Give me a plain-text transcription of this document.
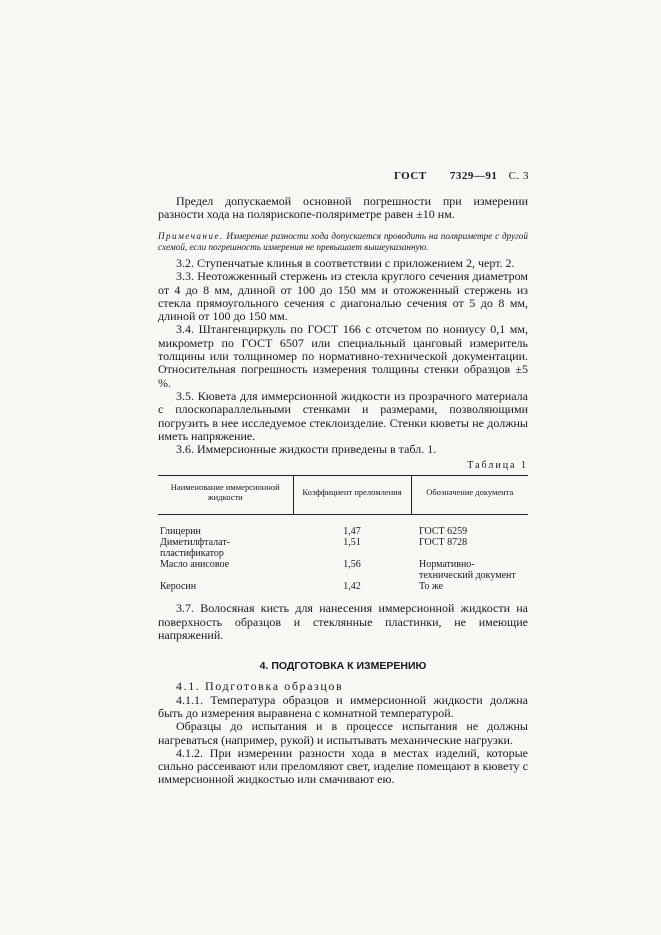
ГОСТ 7329—91 С. 3

Предел допускаемой основной погрешности при измерении разности хода на полярископе-поляриметре равен ±10 нм.

Примечание. Измерение разности хода допускается проводить на поляриметре с другой схемой, если погрешность измерения не превышает вышеуказанную.

3.2. Ступенчатые клинья в соответствии с приложением 2, черт. 2.

3.3. Неотожженный стержень из стекла круглого сечения диаметром от 4 до 8 мм, длиной от 100 до 150 мм и отожженный стержень из стекла прямоугольного сечения с диагональю сечения от 5 до 8 мм, длиной от 100 до 150 мм.

3.4. Штангенциркуль по ГОСТ 166 с отсчетом по нониусу 0,1 мм, микрометр по ГОСТ 6507 или специальный цанговый измеритель толщины или толщиномер по нормативно-технической документации. Относительная погрешность измерения толщины стенки образцов ±5 %.

3.5. Кювета для иммерсионной жидкости из прозрачного материала с плоскопараллельными стенками и размерами, позволяющими погрузить в нее исследуемое стеклоизделие. Стенки кюветы не должны иметь напряжение.

3.6. Иммерсионные жидкости приведены в табл. 1.

Таблица 1
Наименование иммерсионной жидкости	Коэффициент преломления	Обозначение документа
Глицерин	1,47	ГОСТ 6259
Диметилфталат-пластификатор	1,51	ГОСТ 8728
Масло анисовое	1,56	Нормативно-технический документ
Керосин	1,42	То же

3.7. Волосяная кисть для нанесения иммерсионной жидкости на поверхность образцов и стеклянные пластинки, не имеющие напряжений.

4. ПОДГОТОВКА К ИЗМЕРЕНИЮ

4.1. Подготовка образцов

4.1.1. Температура образцов и иммерсионной жидкости должна быть до измерения выравнена с комнатной температурой.

Образцы до испытания и в процессе испытания не должны нагреваться (например, рукой) и испытывать механические нагрузки.

4.1.2. При измерении разности хода в местах изделий, которые сильно рассеивают или преломляют свет, изделие помещают в кювету с иммерсионной жидкостью или смачивают ею.
